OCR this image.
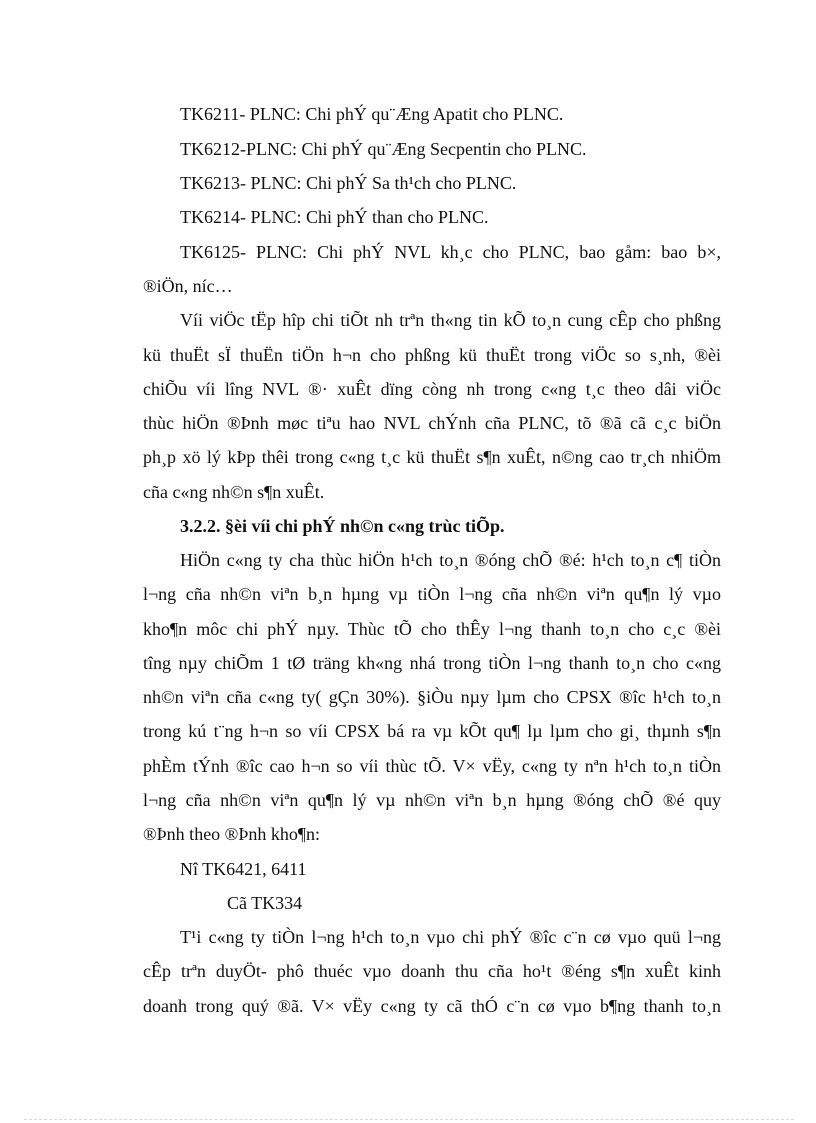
TK6211- PLNC: Chi phÝ qu¨Æng Apatit cho PLNC.
TK6212-PLNC: Chi phÝ qu¨Æng Secpentin cho PLNC.
TK6213- PLNC: Chi phÝ Sa th¹ch cho PLNC.
TK6214- PLNC: Chi phÝ than cho PLNC.
TK6125- PLNC: Chi phÝ NVL kh¸c cho PLNC, bao gåm: bao b×,
®iÖn, níc…
Víi viÖc tËp hîp chi tiÕt nh trªn th«ng tin kÕ to¸n cung cÊp cho phßng
kü thuËt sÏ thuËn tiÖn h¬n cho phßng kü thuËt trong viÖc so s¸nh, ®èi
chiÕu víi lîng NVL ®· xuÊt dïng còng nh trong c«ng t¸c theo dâi viÖc
thùc hiÖn ®Þnh møc tiªu hao NVL chÝnh cña PLNC, tõ ®ã cã c¸c biÖn
ph¸p xö lý kÞp thêi trong c«ng t¸c kü thuËt s¶n xuÊt, n©ng cao tr¸ch nhiÖm
cña c«ng nh©n s¶n xuÊt.
3.2.2. §èi víi chi phÝ nh©n c«ng trùc tiÕp.
HiÖn c«ng ty cha thùc hiÖn h¹ch to¸n ®óng chÕ ®é: h¹ch to¸n c¶ tiÒn
l¬ng cña nh©n viªn b¸n hµng vµ tiÒn l¬ng cña nh©n viªn qu¶n lý vµo
kho¶n môc chi phÝ nµy. Thùc tÕ cho thÊy l¬ng thanh to¸n cho c¸c ®èi
tîng nµy chiÕm 1 tØ träng kh«ng nhá trong tiÒn l¬ng thanh to¸n cho c«ng
nh©n viªn cña c«ng ty( gÇn 30%). §iÒu nµy lµm cho CPSX ®îc h¹ch to¸n
trong kú t¨ng h¬n so víi CPSX bá ra vµ kÕt qu¶ lµ lµm cho gi¸ thµnh s¶n
phÈm tÝnh ®îc cao h¬n so víi thùc tÕ. V× vËy, c«ng ty nªn h¹ch to¸n tiÒn
l¬ng cña nh©n viªn qu¶n lý vµ nh©n viªn b¸n hµng ®óng chÕ ®é quy
®Þnh theo ®Þnh kho¶n:
Nî TK6421, 6411
Cã TK334
T¹i c«ng ty tiÒn l¬ng h¹ch to¸n vµo chi phÝ ®îc c¨n cø vµo quü l¬ng
cÊp trªn duyÖt- phô thuéc vµo doanh thu cña ho¹t ®éng s¶n xuÊt kinh
doanh trong quý ®ã. V× vËy c«ng ty cã thÓ c¨n cø vµo b¶ng thanh to¸n
